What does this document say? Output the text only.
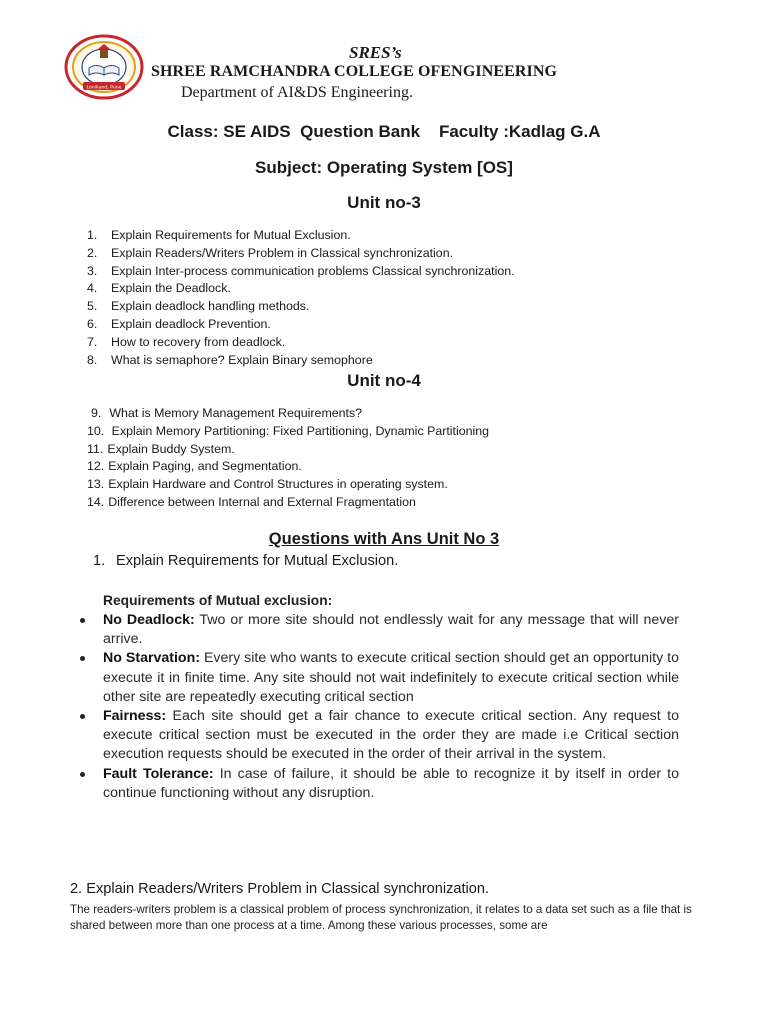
Lonikand, Pune
SRES’s
SHREE RAMCHANDRA COLLEGE OFENGINEERING
Department of AI&DS Engineering.
Class: SE AIDS  Question Bank    Faculty :Kadlag G.A
Subject: Operating System [OS]
Unit no-3
1. Explain Requirements for Mutual Exclusion.
2. Explain Readers/Writers Problem in Classical synchronization.
3. Explain Inter-process communication problems Classical synchronization.
4. Explain the Deadlock.
5. Explain deadlock handling methods.
6. Explain deadlock Prevention.
7. How to recovery from deadlock.
8. What is semaphore? Explain Binary semophore
Unit no-4
9. What is Memory Management Requirements?
10. Explain Memory Partitioning: Fixed Partitioning, Dynamic Partitioning
11. Explain Buddy System.
12. Explain Paging, and Segmentation.
13. Explain Hardware and Control Structures in operating system.
14. Difference between Internal and External Fragmentation
Questions with Ans Unit No 3
1. Explain Requirements for Mutual Exclusion.
Requirements of Mutual exclusion:
No Deadlock: Two or more site should not endlessly wait for any message that will never arrive.
No Starvation: Every site who wants to execute critical section should get an opportunity to execute it in finite time. Any site should not wait indefinitely to execute critical section while other site are repeatedly executing critical section
Fairness: Each site should get a fair chance to execute critical section. Any request to execute critical section must be executed in the order they are made i.e Critical section execution requests should be executed in the order of their arrival in the system.
Fault Tolerance: In case of failure, it should be able to recognize it by itself in order to continue functioning without any disruption.
2. Explain Readers/Writers Problem in Classical synchronization.
The readers-writers problem is a classical problem of process synchronization, it relates to a data set such as a file that is shared between more than one process at a time. Among these various processes, some are
